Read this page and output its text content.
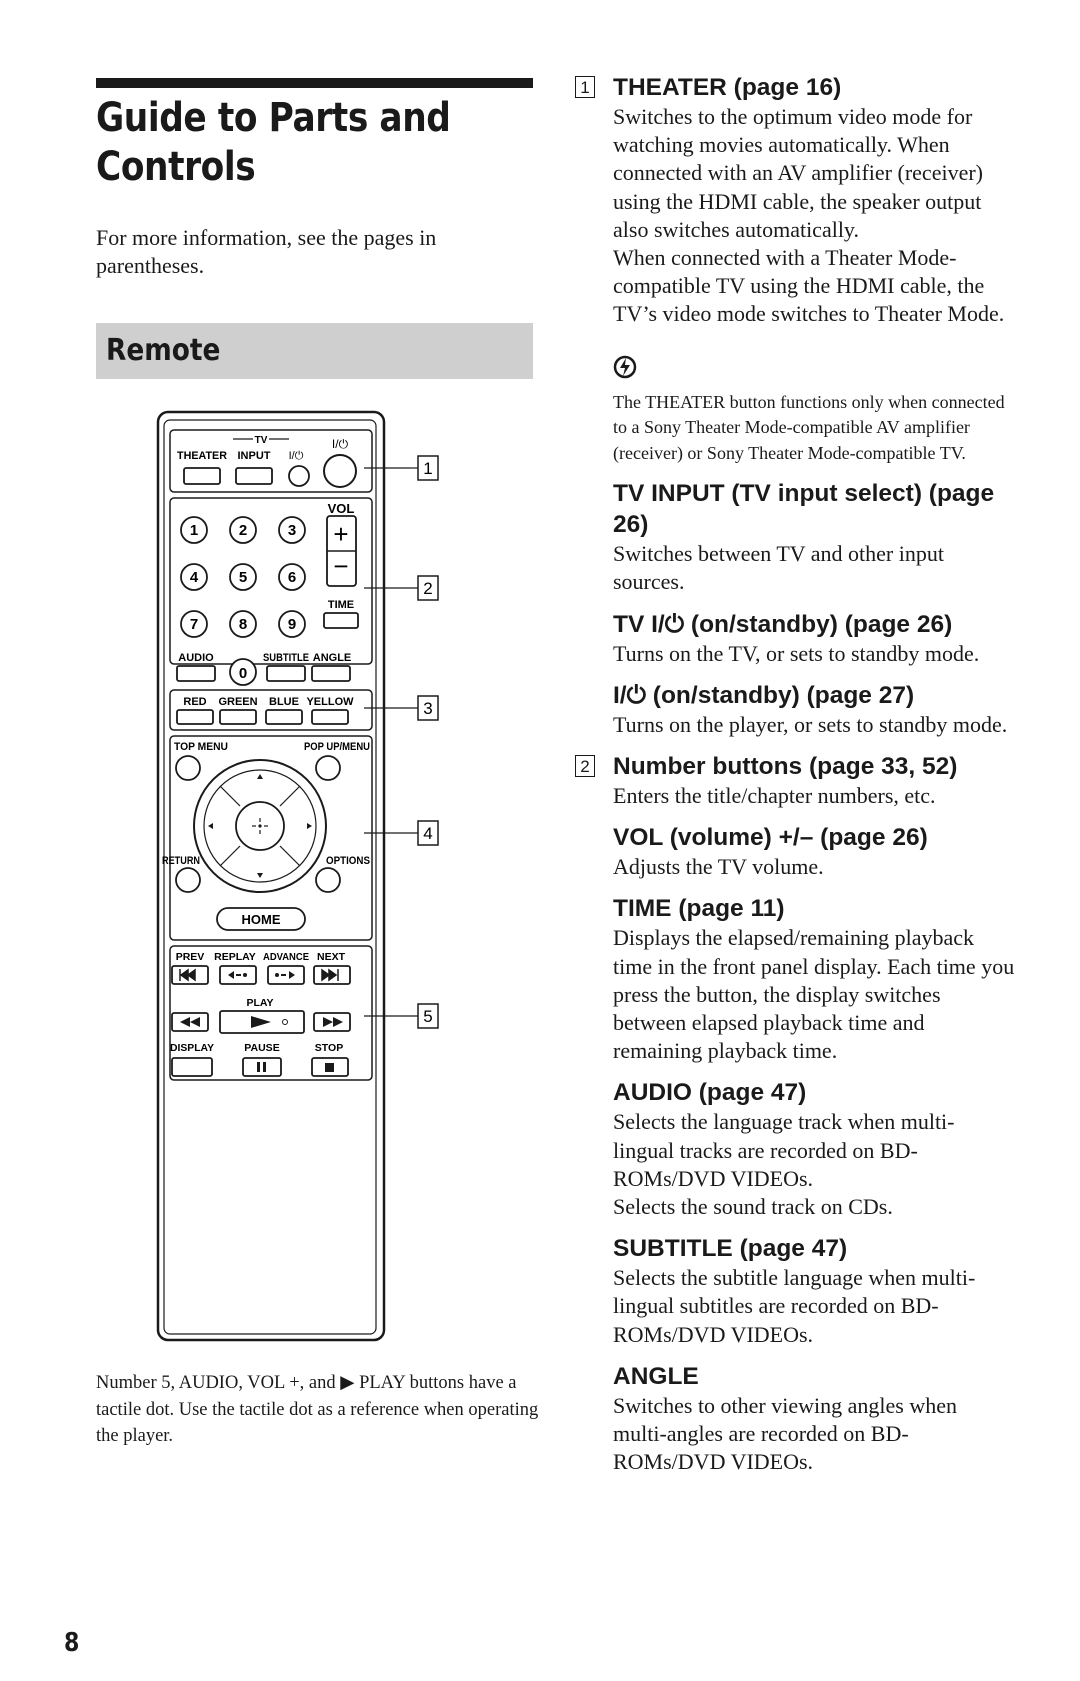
Guide to Parts and
Controls

For more information, see the pages in parentheses.

Remote
TV
THEATER INPUT I/⏻
I/⏻
VOL
+
−
1	2	3
4	5	6
7	8	9
TIME
AUDIO
0
SUBTITLE ANGLE
RED GREEN BLUE YELLOW
TOP MENU	POP UP/MENU
RETURN	OPTIONS
HOME
PREV REPLAY ADVANCE NEXT
PLAY
DISPLAY	PAUSE	STOP
1
2
3
4
5

Number 5, AUDIO, VOL +, and ▶ PLAY buttons have a tactile dot. Use the tactile dot as a reference when operating the player.

8
1 THEATER (page 16)

Switches to the optimum video mode for watching movies automatically. When connected with an AV amplifier (receiver) using the HDMI cable, the speaker output also switches automatically.

When connected with a Theater Mode-compatible TV using the HDMI cable, the TV’s video mode switches to Theater Mode.

The THEATER button functions only when connected to a Sony Theater Mode-compatible AV amplifier (receiver) or Sony Theater Mode-compatible TV.

TV INPUT (TV input select) (page 26)

Switches between TV and other input sources.

TV I/⏻ (on/standby) (page 26)

Turns on the TV, or sets to standby mode.

I/⏻ (on/standby) (page 27)

Turns on the player, or sets to standby mode.

2 Number buttons (page 33, 52)

Enters the title/chapter numbers, etc.

VOL (volume) +/– (page 26)

Adjusts the TV volume.

TIME (page 11)

Displays the elapsed/remaining playback time in the front panel display. Each time you press the button, the display switches between elapsed playback time and remaining playback time.

AUDIO (page 47)

Selects the language track when multi-lingual tracks are recorded on BD-ROMs/DVD VIDEOs.

Selects the sound track on CDs.

SUBTITLE (page 47)

Selects the subtitle language when multi-lingual subtitles are recorded on BD-ROMs/DVD VIDEOs.

ANGLE

Switches to other viewing angles when multi-angles are recorded on BD-ROMs/DVD VIDEOs.
